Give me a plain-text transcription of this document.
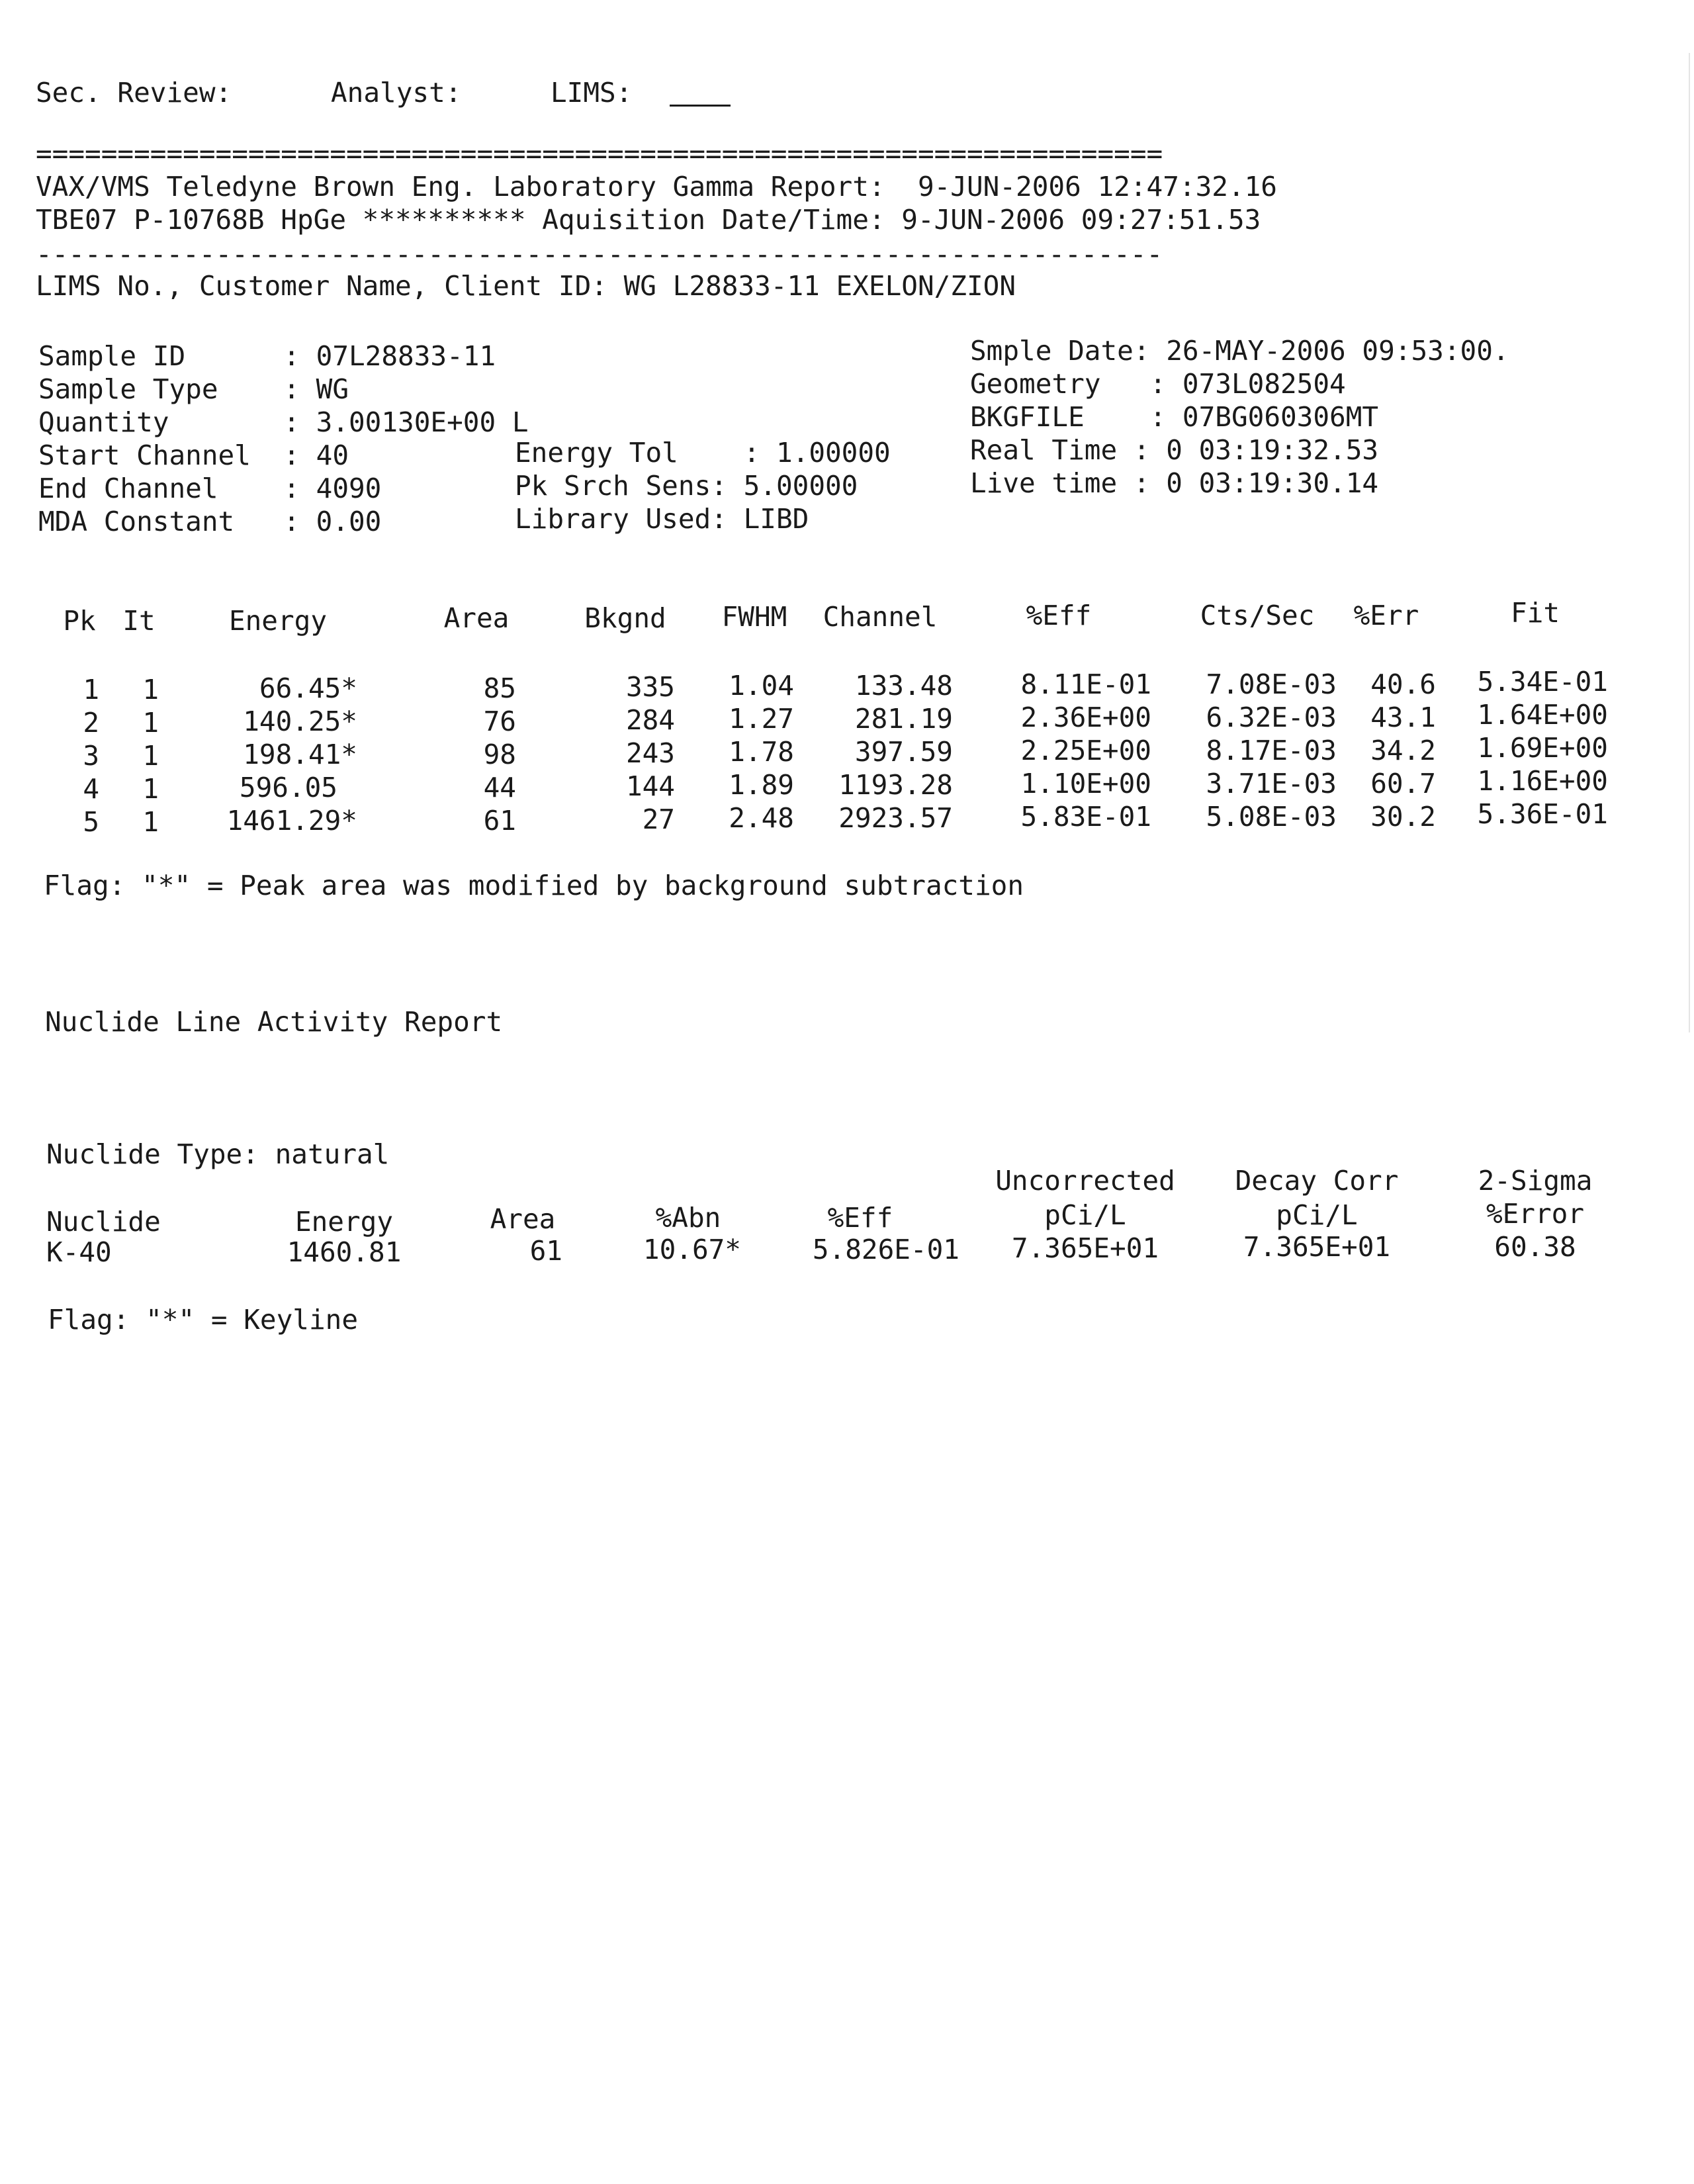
Sec. Review:	Analyst:	LIMS:
=====================================================================
VAX/VMS Teledyne Brown Eng. Laboratory Gamma Report:  9-JUN-2006 12:47:32.16
TBE07 P-10768B HpGe ********** Aquisition Date/Time: 9-JUN-2006 09:27:51.53
---------------------------------------------------------------------
LIMS No., Customer Name, Client ID: WG L28833-11 EXELON/ZION
Sample ID      : 07L28833-11
Sample Type    : WG
Quantity       : 3.00130E+00 L
Start Channel  : 40
End Channel    : 4090
MDA Constant   : 0.00
Energy Tol    : 1.00000
Pk Srch Sens: 5.00000
Library Used: LIBD
Smple Date: 26-MAY-2006 09:53:00.
Geometry   : 073L082504
BKGFILE    : 07BG060306MT
Real Time : 0 03:19:32.53
Live time : 0 03:19:30.14
Pk It	Energy	Area	Bkgnd	FWHM	Channel	%Eff	Cts/Sec	%Err	Fit
1	1	66.45*	85	335	1.04	133.48	8.11E-01	7.08E-03	40.6	5.34E-01
2	1	140.25*	76	284	1.27	281.19	2.36E+00	6.32E-03	43.1	1.64E+00
3	1	198.41*	98	243	1.78	397.59	2.25E+00	8.17E-03	34.2	1.69E+00
4	1	596.05	44	144	1.89	1193.28	1.10E+00	3.71E-03	60.7	1.16E+00
5	1	1461.29*	61	27	2.48	2923.57	5.83E-01	5.08E-03	30.2	5.36E-01
Flag: "*" = Peak area was modified by background subtraction
Nuclide Line Activity Report
Nuclide Type: natural
Uncorrected	Decay Corr	2-Sigma
Nuclide	Energy	Area	%Abn	%Eff	pCi/L	pCi/L	%Error
K-40	1460.81	61	10.67*	5.826E-01	7.365E+01	7.365E+01	60.38
Flag: "*" = Keyline
